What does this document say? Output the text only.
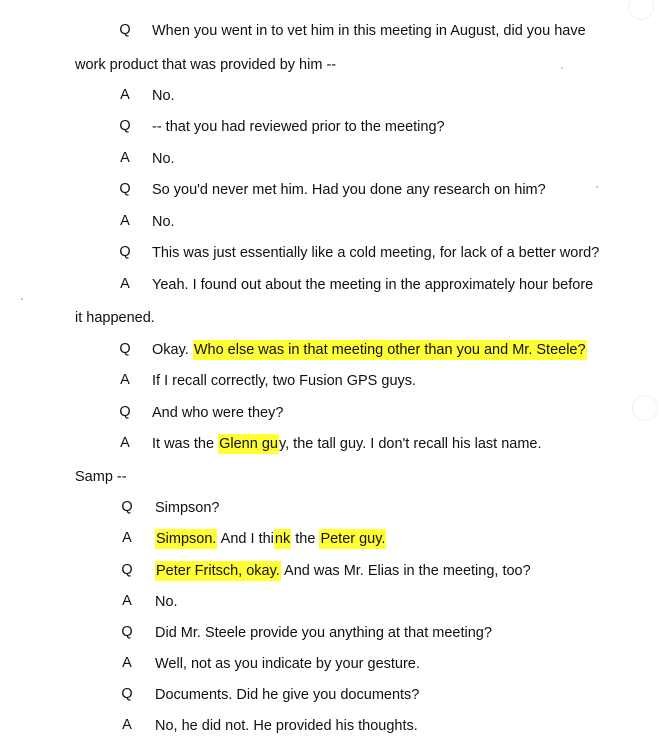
Q When you went in to vet him in this meeting in August, did you have
work product that was provided by him --
A No.
Q -- that you had reviewed prior to the meeting?
A No.
Q So you'd never met him. Had you done any research on him?
A No.
Q This was just essentially like a cold meeting, for lack of a better word?
A Yeah. I found out about the meeting in the approximately hour before
it happened.
Q Okay. Who else was in that meeting other than you and Mr. Steele?
A If I recall correctly, two Fusion GPS guys.
Q And who were they?
A It was the Glenn guy, the tall guy. I don't recall his last name.
Samp --
Q Simpson?
A Simpson. And I think the Peter guy.
Q Peter Fritsch, okay. And was Mr. Elias in the meeting, too?
A No.
Q Did Mr. Steele provide you anything at that meeting?
A Well, not as you indicate by your gesture.
Q Documents. Did he give you documents?
A No, he did not. He provided his thoughts.
